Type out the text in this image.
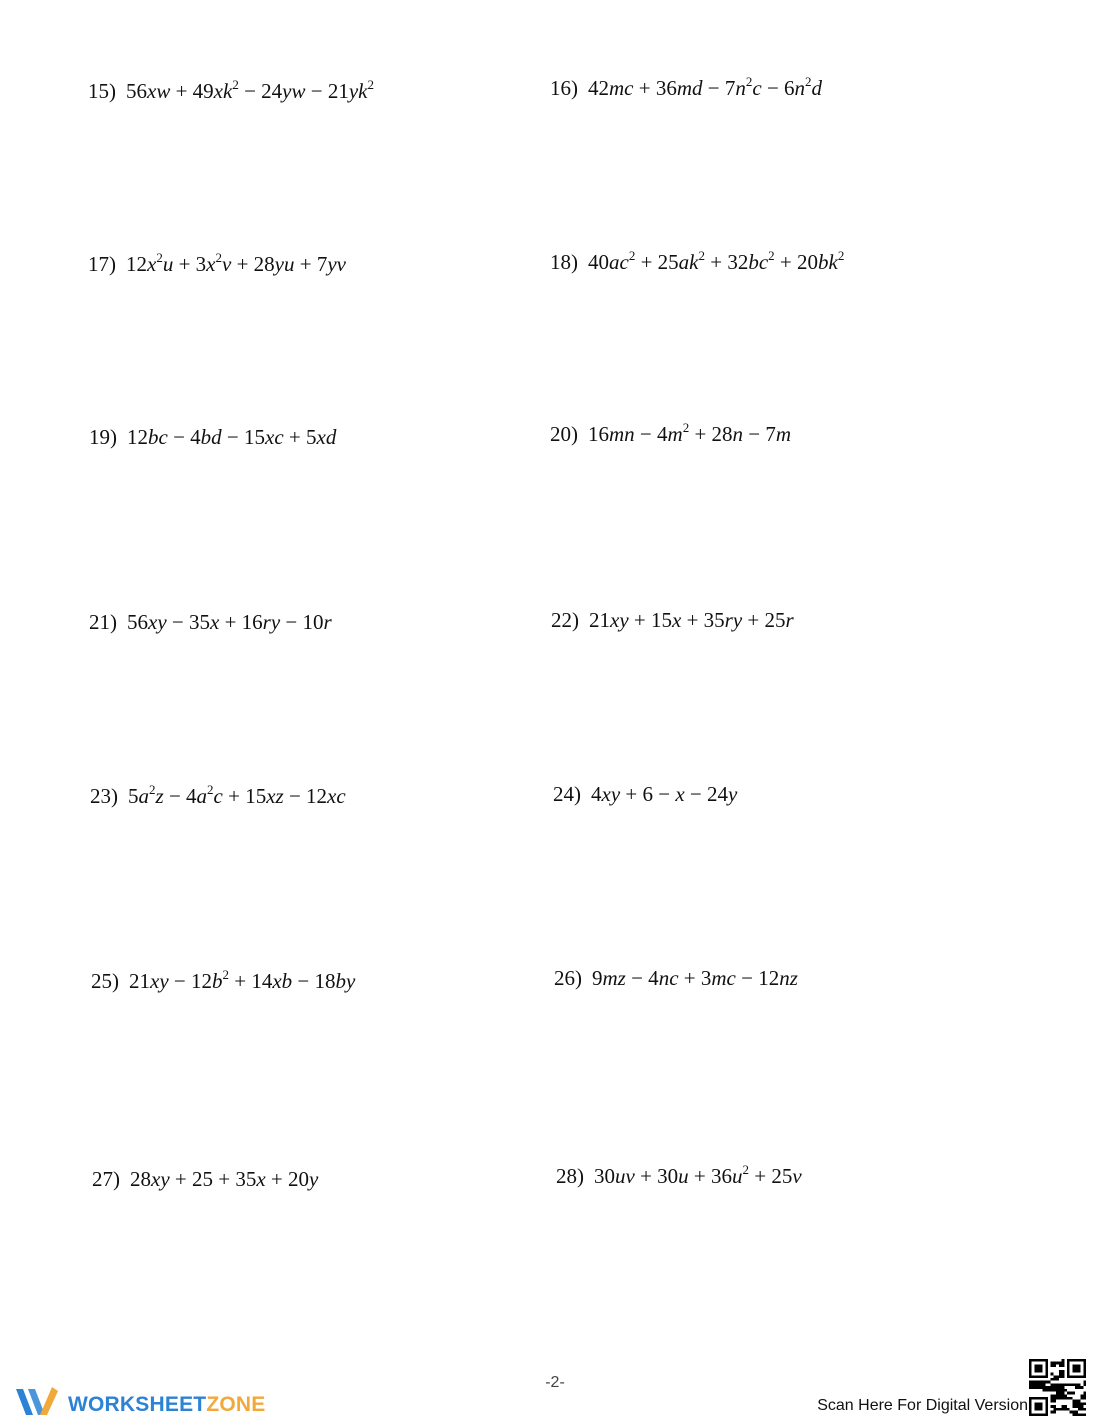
15) $56xw + 49xk^2 - 24yw - 21yk^2$	16) $42mc + 36md - 7n^2c - 6n^2d$
17) $12x^2u + 3x^2v + 28yu + 7yv$	18) $40ac^2 + 25ak^2 + 32bc^2 + 20bk^2$
19) 12bc − 4bd − 15xc + 5xd	20) $16mn - 4m^2 + 28n - 7m$
21) 56xy − 35x + 16ry − 10r	22) 21xy + 15x + 35ry + 25r
23) $5a^2z - 4a^2c + 15xz - 12xc$	24) 4xy + 6 − x − 24y
25) $21xy - 12b^2 + 14xb - 18by$	26) 9mz − 4nc + 3mc − 12nz
27) 28xy + 25 + 35x + 20y	28) $30uv + 30u + 36u^2 + 25v$
-2-
WORKSHEETZONE	Scan Here For Digital Version
